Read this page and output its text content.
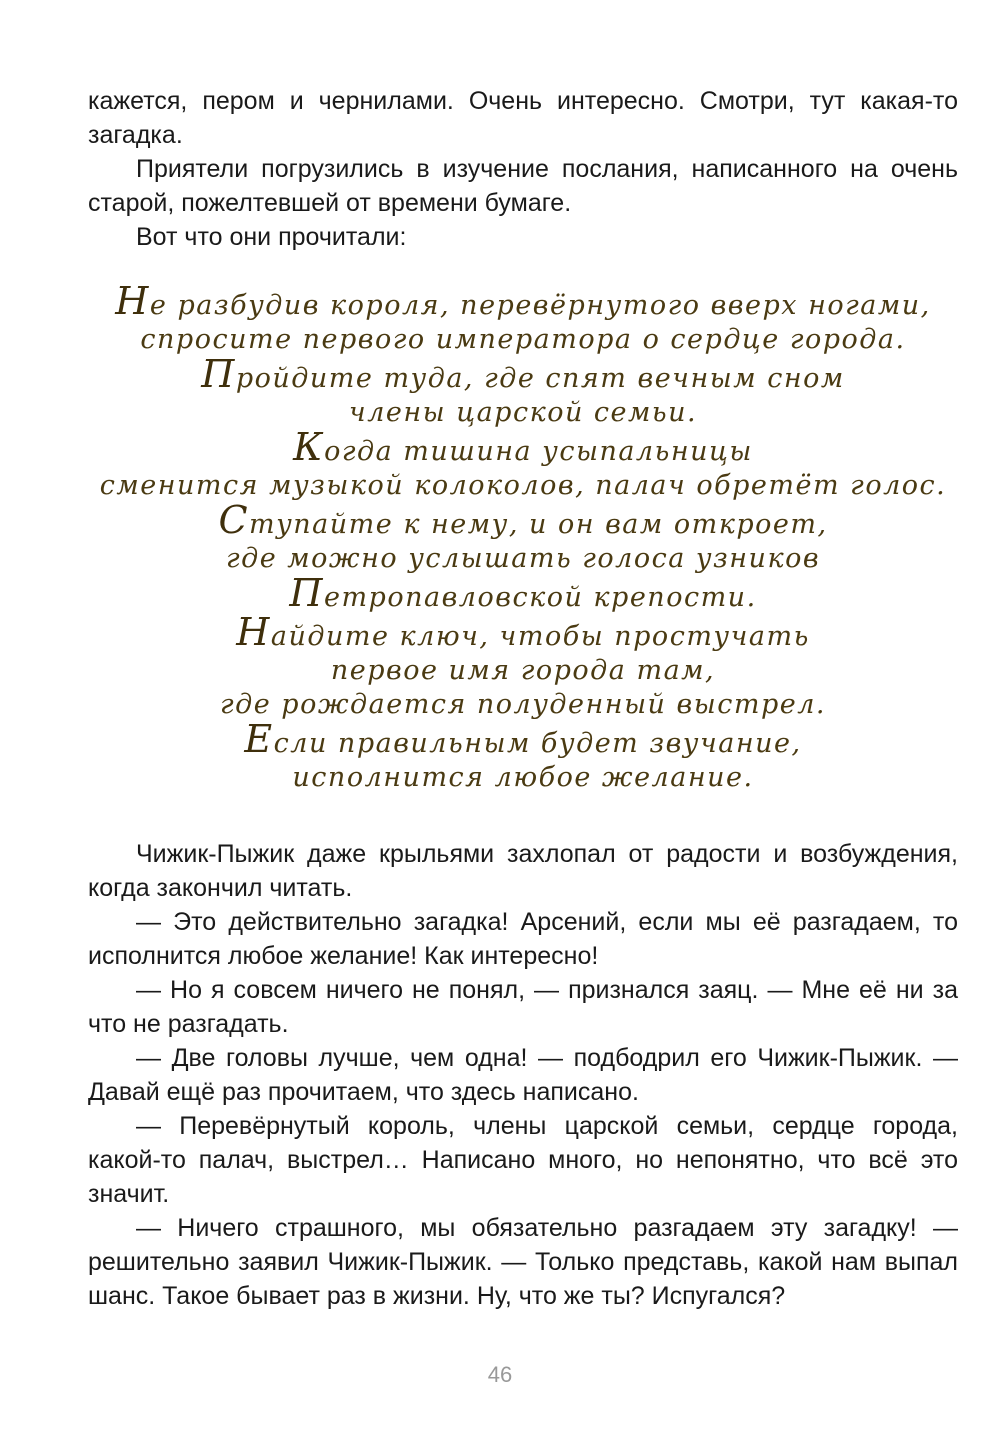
кажется, пером и чернилами. Очень интересно. Смотри, тут какая-то загадка.

Приятели погрузились в изучение послания, написанного на очень старой, пожелтевшей от времени бумаге.

Вот что они прочитали:

Не разбудив короля, перевёрнутого вверх ногами,
спросите первого императора о сердце города.
Пройдите туда, где спят вечным сном
члены царской семьи.
Когда тишина усыпальницы
сменится музыкой колоколов, палач обретёт голос.
Ступайте к нему, и он вам откроет,
где можно услышать голоса узников
Петропавловской крепости.
Найдите ключ, чтобы простучать
первое имя города там,
где рождается полуденный выстрел.
Если правильным будет звучание,
исполнится любое желание.

Чижик-Пыжик даже крыльями захлопал от радости и возбуждения, когда закончил читать.

— Это действительно загадка! Арсений, если мы её разгадаем, то исполнится любое желание! Как интересно!

— Но я совсем ничего не понял, — признался заяц. — Мне её ни за что не разгадать.

— Две головы лучше, чем одна! — подбодрил его Чижик-Пыжик. — Давай ещё раз прочитаем, что здесь написано.

— Перевёрнутый король, члены царской семьи, сердце города, какой-то палач, выстрел… Написано много, но непонятно, что всё это значит.

— Ничего страшного, мы обязательно разгадаем эту загадку! — решительно заявил Чижик-Пыжик. — Только представь, какой нам выпал шанс. Такое бывает раз в жизни. Ну, что же ты? Испугался?

46
